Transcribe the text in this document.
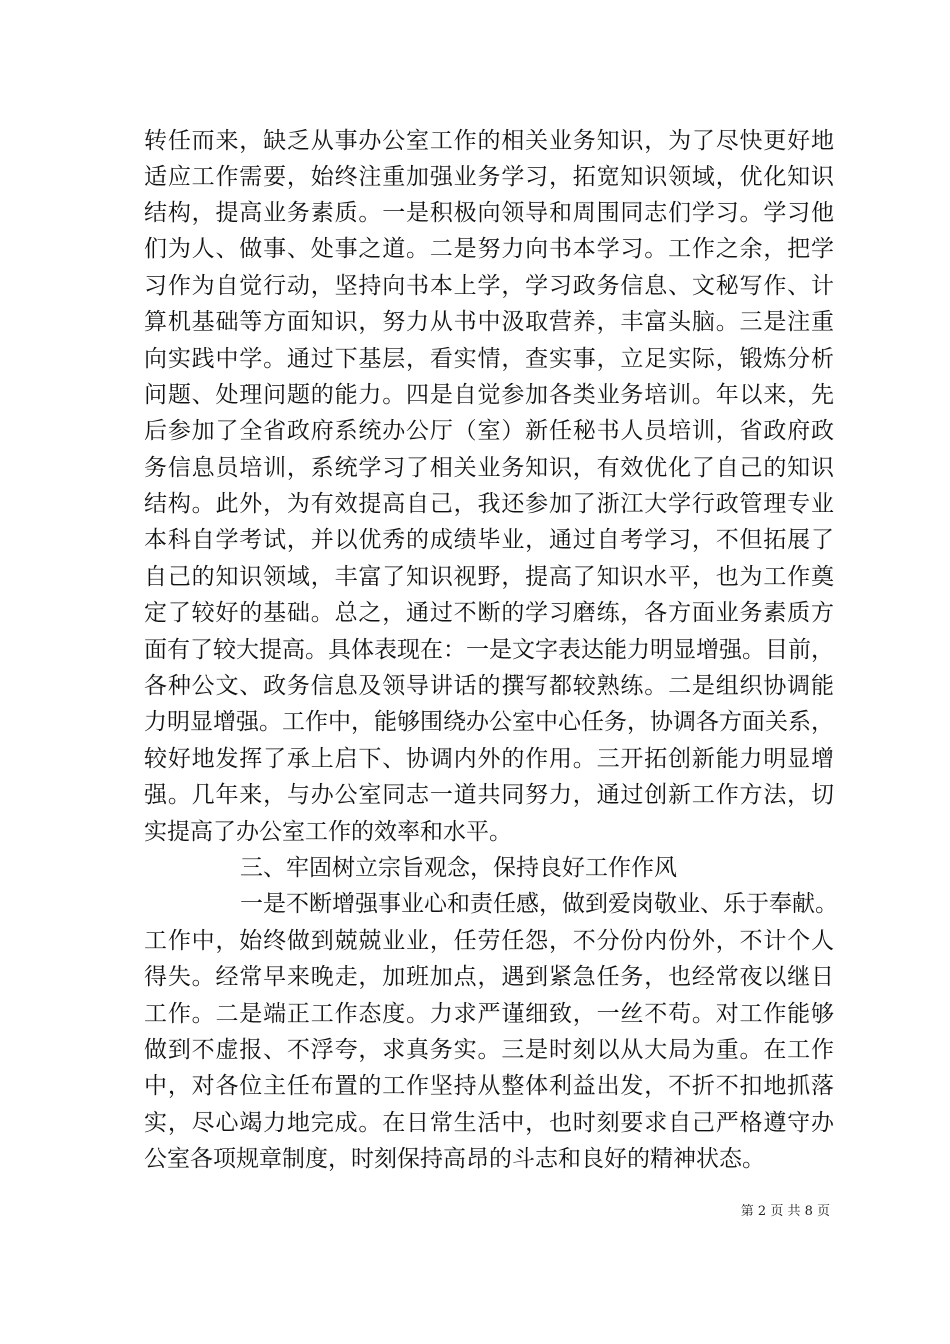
转任而来，缺乏从事办公室工作的相关业务知识，为了尽快更好地
适应工作需要，始终注重加强业务学习，拓宽知识领域，优化知识
结构，提高业务素质。一是积极向领导和周围同志们学习。学习他
们为人、做事、处事之道。二是努力向书本学习。工作之余，把学
习作为自觉行动，坚持向书本上学，学习政务信息、文秘写作、计
算机基础等方面知识，努力从书中汲取营养，丰富头脑。三是注重
向实践中学。通过下基层，看实情，查实事，立足实际，锻炼分析
问题、处理问题的能力。四是自觉参加各类业务培训。年以来，先
后参加了全省政府系统办公厅（室）新任秘书人员培训，省政府政
务信息员培训，系统学习了相关业务知识，有效优化了自己的知识
结构。此外，为有效提高自己，我还参加了浙江大学行政管理专业
本科自学考试，并以优秀的成绩毕业，通过自考学习，不但拓展了
自己的知识领域，丰富了知识视野，提高了知识水平，也为工作奠
定了较好的基础。总之，通过不断的学习磨练，各方面业务素质方
面有了较大提高。具体表现在：一是文字表达能力明显增强。目前，
各种公文、政务信息及领导讲话的撰写都较熟练。二是组织协调能
力明显增强。工作中，能够围绕办公室中心任务，协调各方面关系，
较好地发挥了承上启下、协调内外的作用。三开拓创新能力明显增
强。几年来，与办公室同志一道共同努力，通过创新工作方法，切
实提高了办公室工作的效率和水平。
三、牢固树立宗旨观念，保持良好工作作风
一是不断增强事业心和责任感，做到爱岗敬业、乐于奉献。
工作中，始终做到兢兢业业，任劳任怨，不分份内份外，不计个人
得失。经常早来晚走，加班加点，遇到紧急任务，也经常夜以继日
工作。二是端正工作态度。力求严谨细致，一丝不苟。对工作能够
做到不虚报、不浮夸，求真务实。三是时刻以从大局为重。在工作
中，对各位主任布置的工作坚持从整体利益出发，不折不扣地抓落
实，尽心竭力地完成。在日常生活中，也时刻要求自己严格遵守办
公室各项规章制度，时刻保持高昂的斗志和良好的精神状态。
第 2 页 共 8 页
